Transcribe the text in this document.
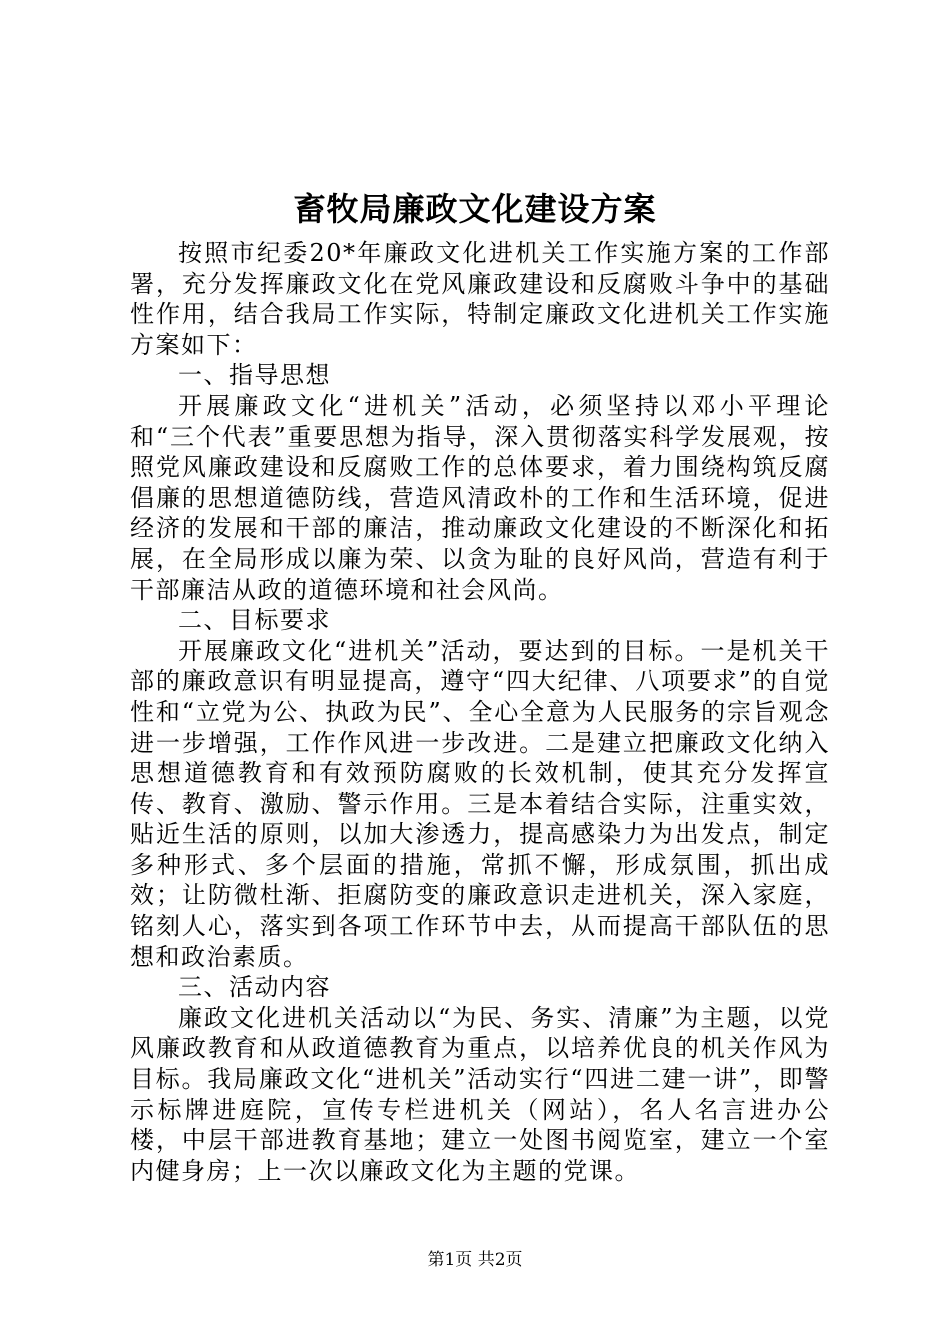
畜牧局廉政文化建设方案

按照市纪委20*年廉政文化进机关工作实施方案的工作部署，充分发挥廉政文化在党风廉政建设和反腐败斗争中的基础性作用，结合我局工作实际，特制定廉政文化进机关工作实施方案如下：

一、指导思想

开展廉政文化“进机关”活动，必须坚持以邓小平理论和“三个代表”重要思想为指导，深入贯彻落实科学发展观，按照党风廉政建设和反腐败工作的总体要求，着力围绕构筑反腐倡廉的思想道德防线，营造风清政朴的工作和生活环境，促进经济的发展和干部的廉洁，推动廉政文化建设的不断深化和拓展，在全局形成以廉为荣、以贪为耻的良好风尚，营造有利于干部廉洁从政的道德环境和社会风尚。

二、目标要求

开展廉政文化“进机关”活动，要达到的目标。一是机关干部的廉政意识有明显提高，遵守“四大纪律、八项要求”的自觉性和“立党为公、执政为民”、全心全意为人民服务的宗旨观念进一步增强，工作作风进一步改进。二是建立把廉政文化纳入思想道德教育和有效预防腐败的长效机制，使其充分发挥宣传、教育、激励、警示作用。三是本着结合实际，注重实效，贴近生活的原则，以加大渗透力，提高感染力为出发点，制定多种形式、多个层面的措施，常抓不懈，形成氛围，抓出成效；让防微杜渐、拒腐防变的廉政意识走进机关，深入家庭，铭刻人心，落实到各项工作环节中去，从而提高干部队伍的思想和政治素质。

三、活动内容

廉政文化进机关活动以“为民、务实、清廉”为主题，以党风廉政教育和从政道德教育为重点，以培养优良的机关作风为目标。我局廉政文化“进机关”活动实行“四进二建一讲”，即警示标牌进庭院，宣传专栏进机关（网站），名人名言进办公楼，中层干部进教育基地；建立一处图书阅览室，建立一个室内健身房；上一次以廉政文化为主题的党课。

第1页 共2页
